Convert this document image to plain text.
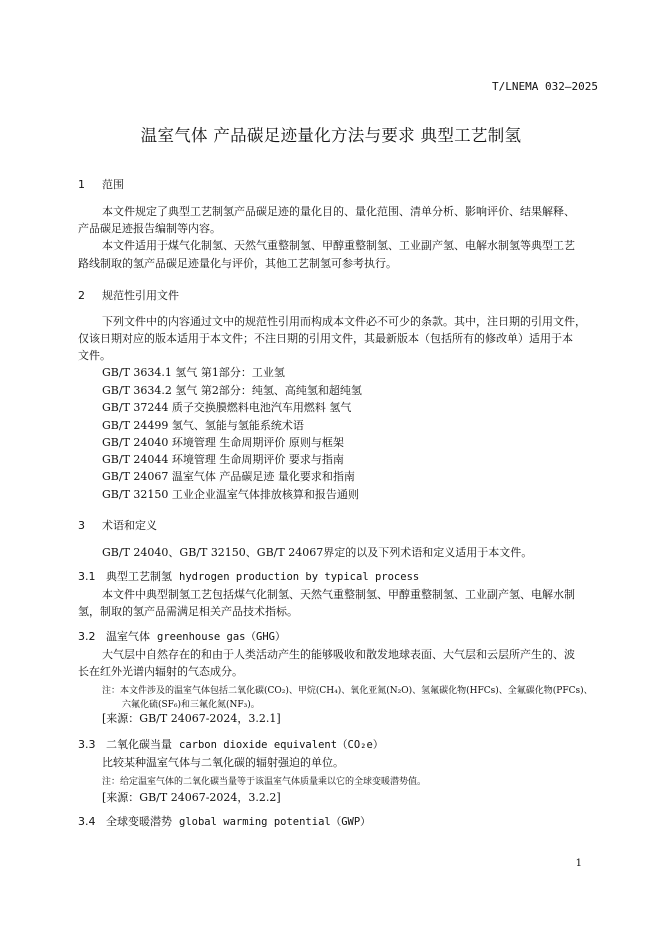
T/LNEMA 032—2025
温室气体 产品碳足迹量化方法与要求 典型工艺制氢
1 范围
本文件规定了典型工艺制氢产品碳足迹的量化目的、量化范围、清单分析、影响评价、结果解释、
产品碳足迹报告编制等内容。
本文件适用于煤气化制氢、天然气重整制氢、甲醇重整制氢、工业副产氢、电解水制氢等典型工艺
路线制取的氢产品碳足迹量化与评价，其他工艺制氢可参考执行。
2 规范性引用文件
下列文件中的内容通过文中的规范性引用而构成本文件必不可少的条款。其中，注日期的引用文件，
仅该日期对应的版本适用于本文件；不注日期的引用文件，其最新版本（包括所有的修改单）适用于本
文件。
GB/T 3634.1 氢气 第1部分：工业氢
GB/T 3634.2 氢气 第2部分：纯氢、高纯氢和超纯氢
GB/T 37244 质子交换膜燃料电池汽车用燃料 氢气
GB/T 24499 氢气、氢能与氢能系统术语
GB/T 24040 环境管理 生命周期评价 原则与框架
GB/T 24044 环境管理 生命周期评价 要求与指南
GB/T 24067 温室气体 产品碳足迹 量化要求和指南
GB/T 32150 工业企业温室气体排放核算和报告通则
3 术语和定义
GB/T 24040、GB/T 32150、GB/T 24067界定的以及下列术语和定义适用于本文件。
3.1 典型工艺制氢 hydrogen production by typical process
本文件中典型制氢工艺包括煤气化制氢、天然气重整制氢、甲醇重整制氢、工业副产氢、电解水制
氢，制取的氢产品需满足相关产品技术指标。
3.2 温室气体 greenhouse gas（GHG）
大气层中自然存在的和由于人类活动产生的能够吸收和散发地球表面、大气层和云层所产生的、波
长在红外光谱内辐射的气态成分。
注：本文件涉及的温室气体包括二氧化碳(CO₂)、甲烷(CH₄)、氧化亚氮(N₂O)、氢氟碳化物(HFCs)、全氟碳化物(PFCs)、
六氟化硫(SF₆)和三氟化氮(NF₃)。
[来源：GB/T 24067-2024，3.2.1]
3.3 二氧化碳当量 carbon dioxide equivalent（CO₂e）
比较某种温室气体与二氧化碳的辐射强迫的单位。
注：给定温室气体的二氧化碳当量等于该温室气体质量乘以它的全球变暖潜势值。
[来源：GB/T 24067-2024，3.2.2]
3.4 全球变暖潜势 global warming potential（GWP）
1
